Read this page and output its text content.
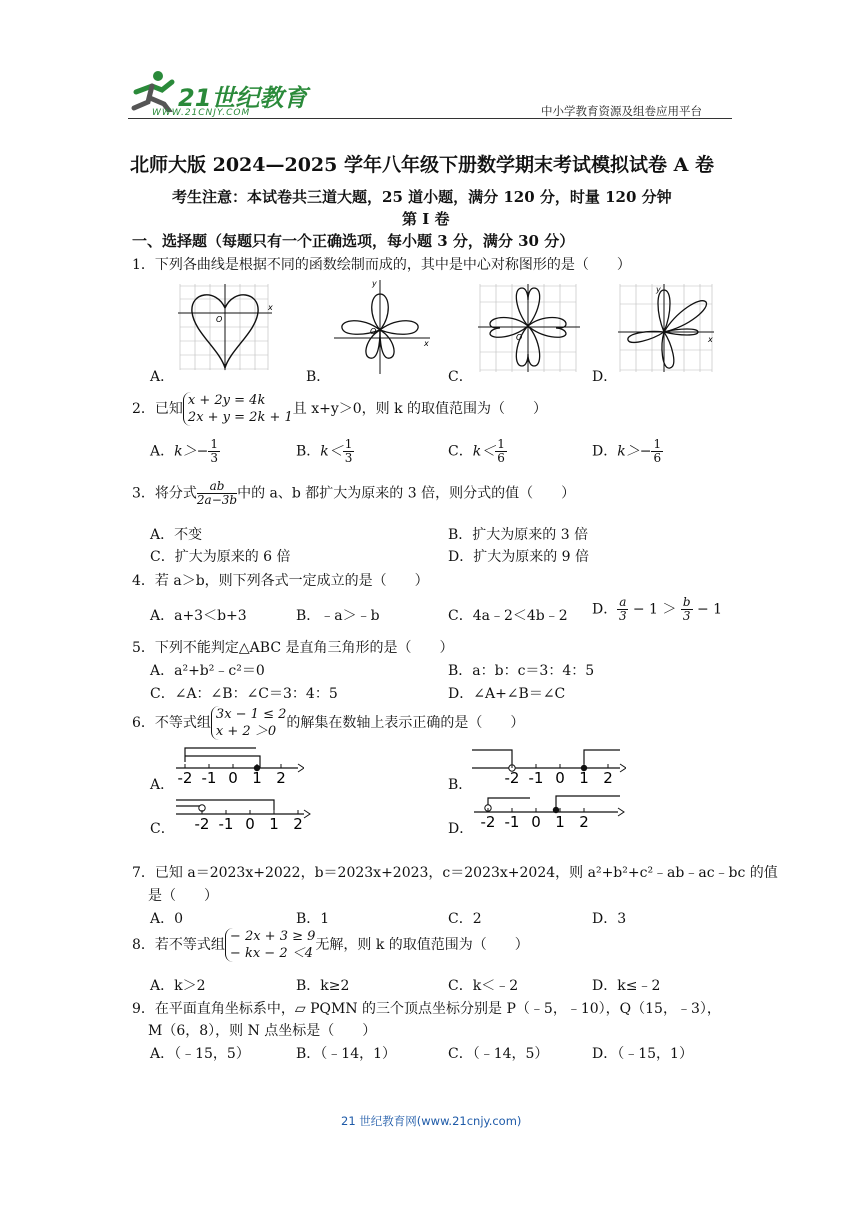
21世纪教育
WWW.21CNJY.COM	中小学教育资源及组卷应用平台
北师大版 2024—2025 学年八年级下册数学期末考试模拟试卷 A 卷
考生注意：本试卷共三道大题，25 道小题，满分 120 分，时量 120 分钟
第 I 卷
一、选择题（每题只有一个正确选项，每小题 3 分，满分 30 分）
1．下列各曲线是根据不同的函数绘制而成的，其中是中心对称图形的是（　　）
x
O
A．
x
y
O
B．
O
C．
x
y
D．
2．已知x + 2y = 4k
2x + y = 2k + 1且 x+y＞0，则 k 的取值范围为（　　）
A．$k>- \frac{1}{3}$	B．$k< \frac{1}{3}$	C．$k< \frac{1}{6}$	D．$k>- \frac{1}{6}$
3．将分式 $\frac{ab}{2a-3b}$ 中的 a、b 都扩大为原来的 3 倍，则分式的值（　　）
A．不变	B．扩大为原来的 3 倍
C．扩大为原来的 6 倍	D．扩大为原来的 9 倍
4．若 a＞b，则下列各式一定成立的是（　　）
A．a+3＜b+3	B．﹣a＞﹣b	C．4a﹣2＜4b﹣2 D． $\frac{a}{3} - 1 > \frac{b}{3} - 1$
5．下列不能判定△ABC 是直角三角形的是（　　）
A．a²+b²﹣c²＝0	B．a：b：c＝3：4：5
C．∠A：∠B：∠C＝3：4：5	D．∠A+∠B＝∠C
6．不等式组3x − 1 ≤ 2
x + 2 ＞0的解集在数轴上表示正确的是（　　）
A． -2 -1 0 1 2	B． -2 -1 0 1 2
C． -2 -1 0 1 2	D． -2 -1 0 1 2
7．已知 a＝2023x+2022，b＝2023x+2023，c＝2023x+2024，则 a²+b²+c²﹣ab﹣ac﹣bc 的值
是（　　）
A．0	B．1	C．2	D．3
8．若不等式组− 2x + 3 ≥ 9
− kx − 2 ＜4无解，则 k 的取值范围为（　　）
A．k＞2	B．k≥2	C．k＜﹣2	D．k≤﹣2
9．在平面直角坐标系中，▱ PQMN 的三个顶点坐标分别是 P（﹣5，﹣10），Q（15，﹣3），
M（6，8），则 N 点坐标是（　　）
A．（﹣15，5）	B．（﹣14，1）	C．（﹣14，5）	D．（﹣15，1）
21 世纪教育网(www.21cnjy.com)
